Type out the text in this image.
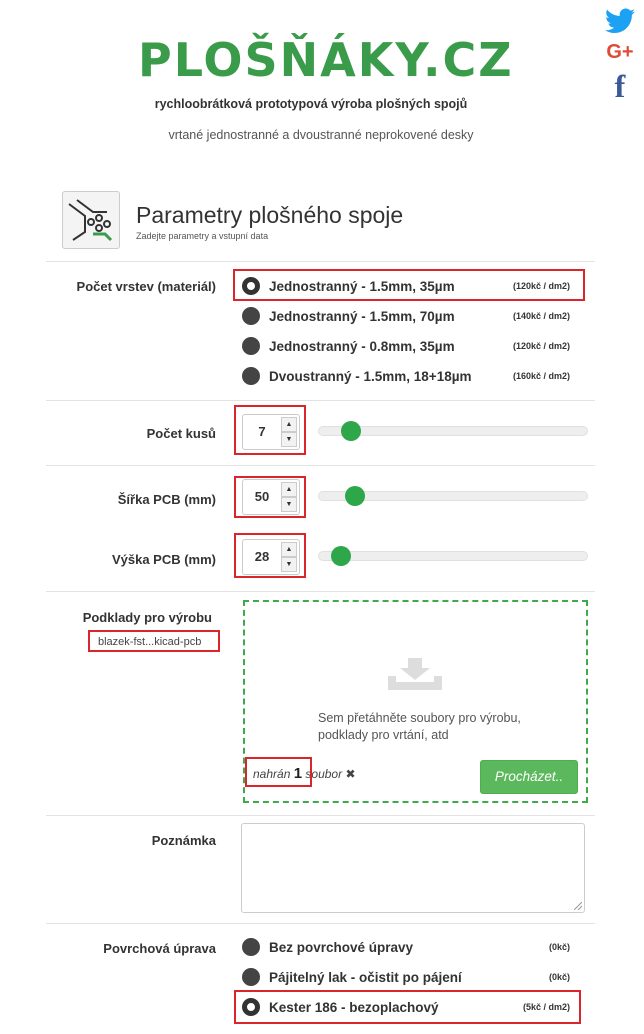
G+
f
PLOŠŇÁKY.CZ
rychloobrátková prototypová výroba plošných spojů
vrtané jednostranné a dvoustranné neprokovené desky
Parametry plošného spoje
Zadejte parametry a vstupní data
Počet vrstev (materiál)	Jednostranný - 1.5mm, 35µm	(120kč / dm2)
Jednostranný - 1.5mm, 70µm	(140kč / dm2)
Jednostranný - 0.8mm, 35µm	(120kč / dm2)
Dvoustranný - 1.5mm, 18+18µm	(160kč / dm2)
Počet kusů	7	▲
▼
Šířka PCB (mm)	50	▲
▼
Výška PCB (mm)	28	▲
▼
Podklady pro výrobu
blazek-fst...kicad-pcb
Sem přetáhněte soubory pro výrobu,
podklady pro vrtání, atd
nahrán 1 soubor ✖	Procházet..
Poznámka
Povrchová úprava	Bez povrchové úpravy	(0kč)
Pájitelný lak - očistit po pájení	(0kč)
Kester 186 - bezoplachový	(5kč / dm2)
